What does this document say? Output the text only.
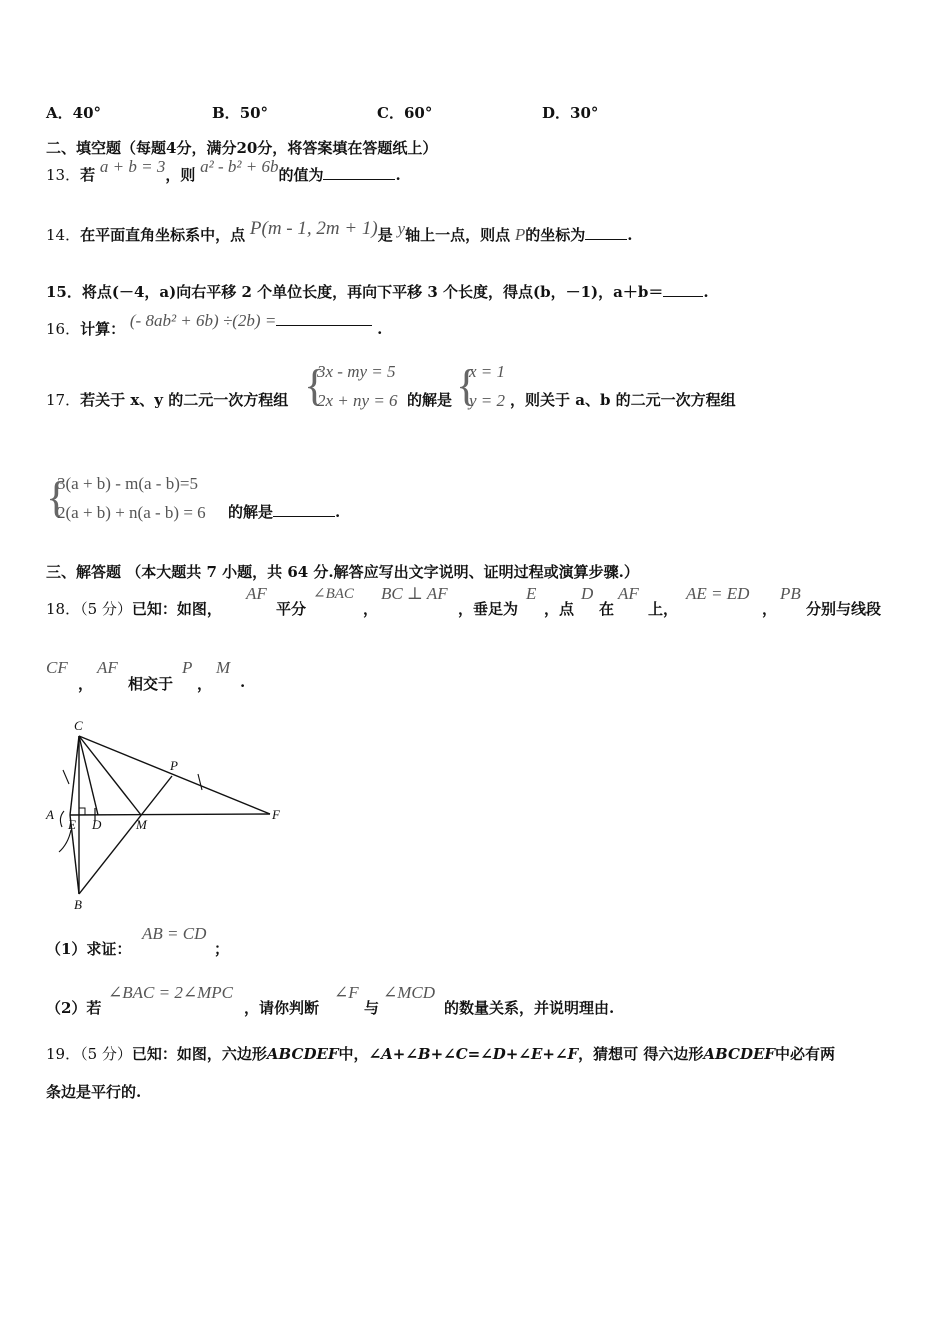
A．40°	B．50°	C．60°	D．30°
二、填空题（每题4分，满分20分，将答案填在答题纸上）
13．若 a + b = 3，则 a² - b² + 6b的值为	.
14．在平面直角坐标系中，点 P(m - 1, 2m + 1)是 y轴上一点，则点 P的坐标为	.
15．将点(－4，a)向右平移 2 个单位长度，再向下平移 3 个长度，得点(b，－1)，a＋b＝	.
16．计算： (- 8ab² + 6b) ÷(2b) =	.
17．若关于 x、y 的二元一次方程组 {
3x - my = 5
2x + ny = 6 的解是 {
x = 1
y = 2 ，则关于 a、b 的二元一次方程组
{
3(a + b) - m(a - b)=5
2(a + b) + n(a - b) = 6 的解是	.
三、解答题 （本大题共 7 小题，共 64 分.解答应写出文字说明、证明过程或演算步骤.）
18．（5 分）已知：如图，
AF
平分
∠BAC
，
BC ⊥ AF
，垂足为
E
，点
D
在
AF
上，
AE = ED
，
PB
分别与线段
CF
，
AF
相交于
P
，
M
.
C
A
E D	M
F
P
B
（1）求证：
AB = CD
；
（2）若
∠BAC = 2∠MPC
，请你判断
∠F
与
∠MCD
的数量关系，并说明理由.
19．（5 分）已知：如图，六边形ABCDEF中，∠A+∠B+∠C=∠D+∠E+∠F，猜想可 得六边形ABCDEF中必有两
条边是平行的.
